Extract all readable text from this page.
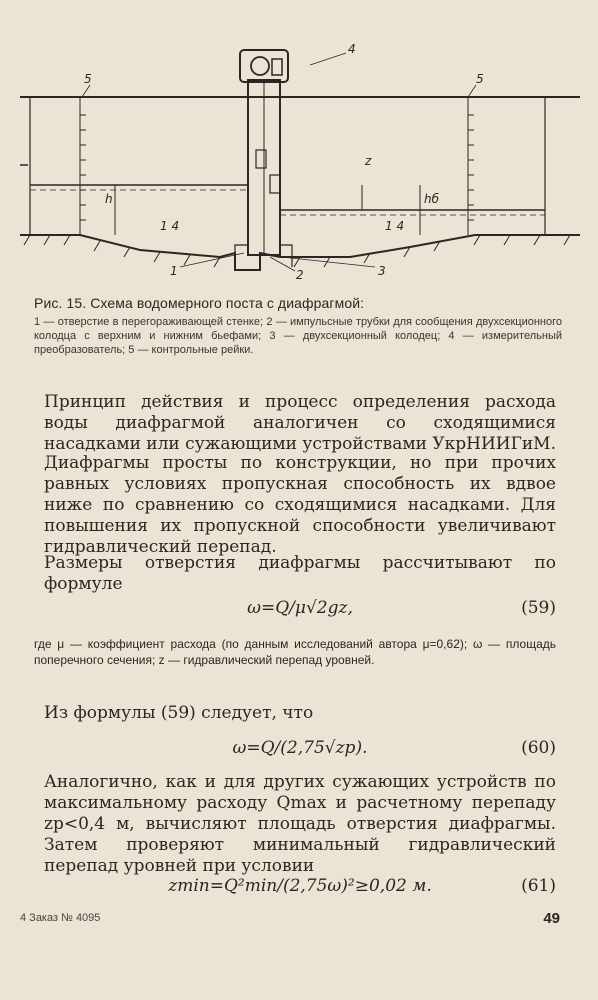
4
5	5
h	hб
z
1 4	1 4
1	2	3
Рис. 15. Схема водомерного поста с диафрагмой:
1 — отверстие в перегораживающей стенке; 2 — импульсные трубки для сообщения двухсекционного колодца с верхним и нижним бьефами; 3 — двухсекционный колодец; 4 — измерительный преобразователь; 5 — контрольные рейки.
Принцип действия и процесс определения расхода воды диафрагмой аналогичен со сходящимися насадками или сужающими устройствами УкрНИИГиМ.
Диафрагмы просты по конструкции, но при прочих равных условиях пропускная способность их вдвое ниже по сравнению со сходящимися насадками. Для повышения их пропускной способности увеличивают гидравлический перепад.
Размеры отверстия диафрагмы рассчитывают по формуле
ω=Q/μ√2gz,	(59)
где μ — коэффициент расхода (по данным исследований автора μ=0,62); ω — площадь поперечного сечения; z — гидравлический перепад уровней.
Из формулы (59) следует, что
ω=Q/(2,75√zр).	(60)
Аналогично, как и для других сужающих устройств по максимальному расходу Qmax и расчетному перепаду zp<0,4 м, вычисляют площадь отверстия диафрагмы. Затем проверяют минимальный гидравлический перепад уровней при условии
zmin=Q²min/(2,75ω)²≥0,02 м.	(61)
4 Заказ № 4095	49
